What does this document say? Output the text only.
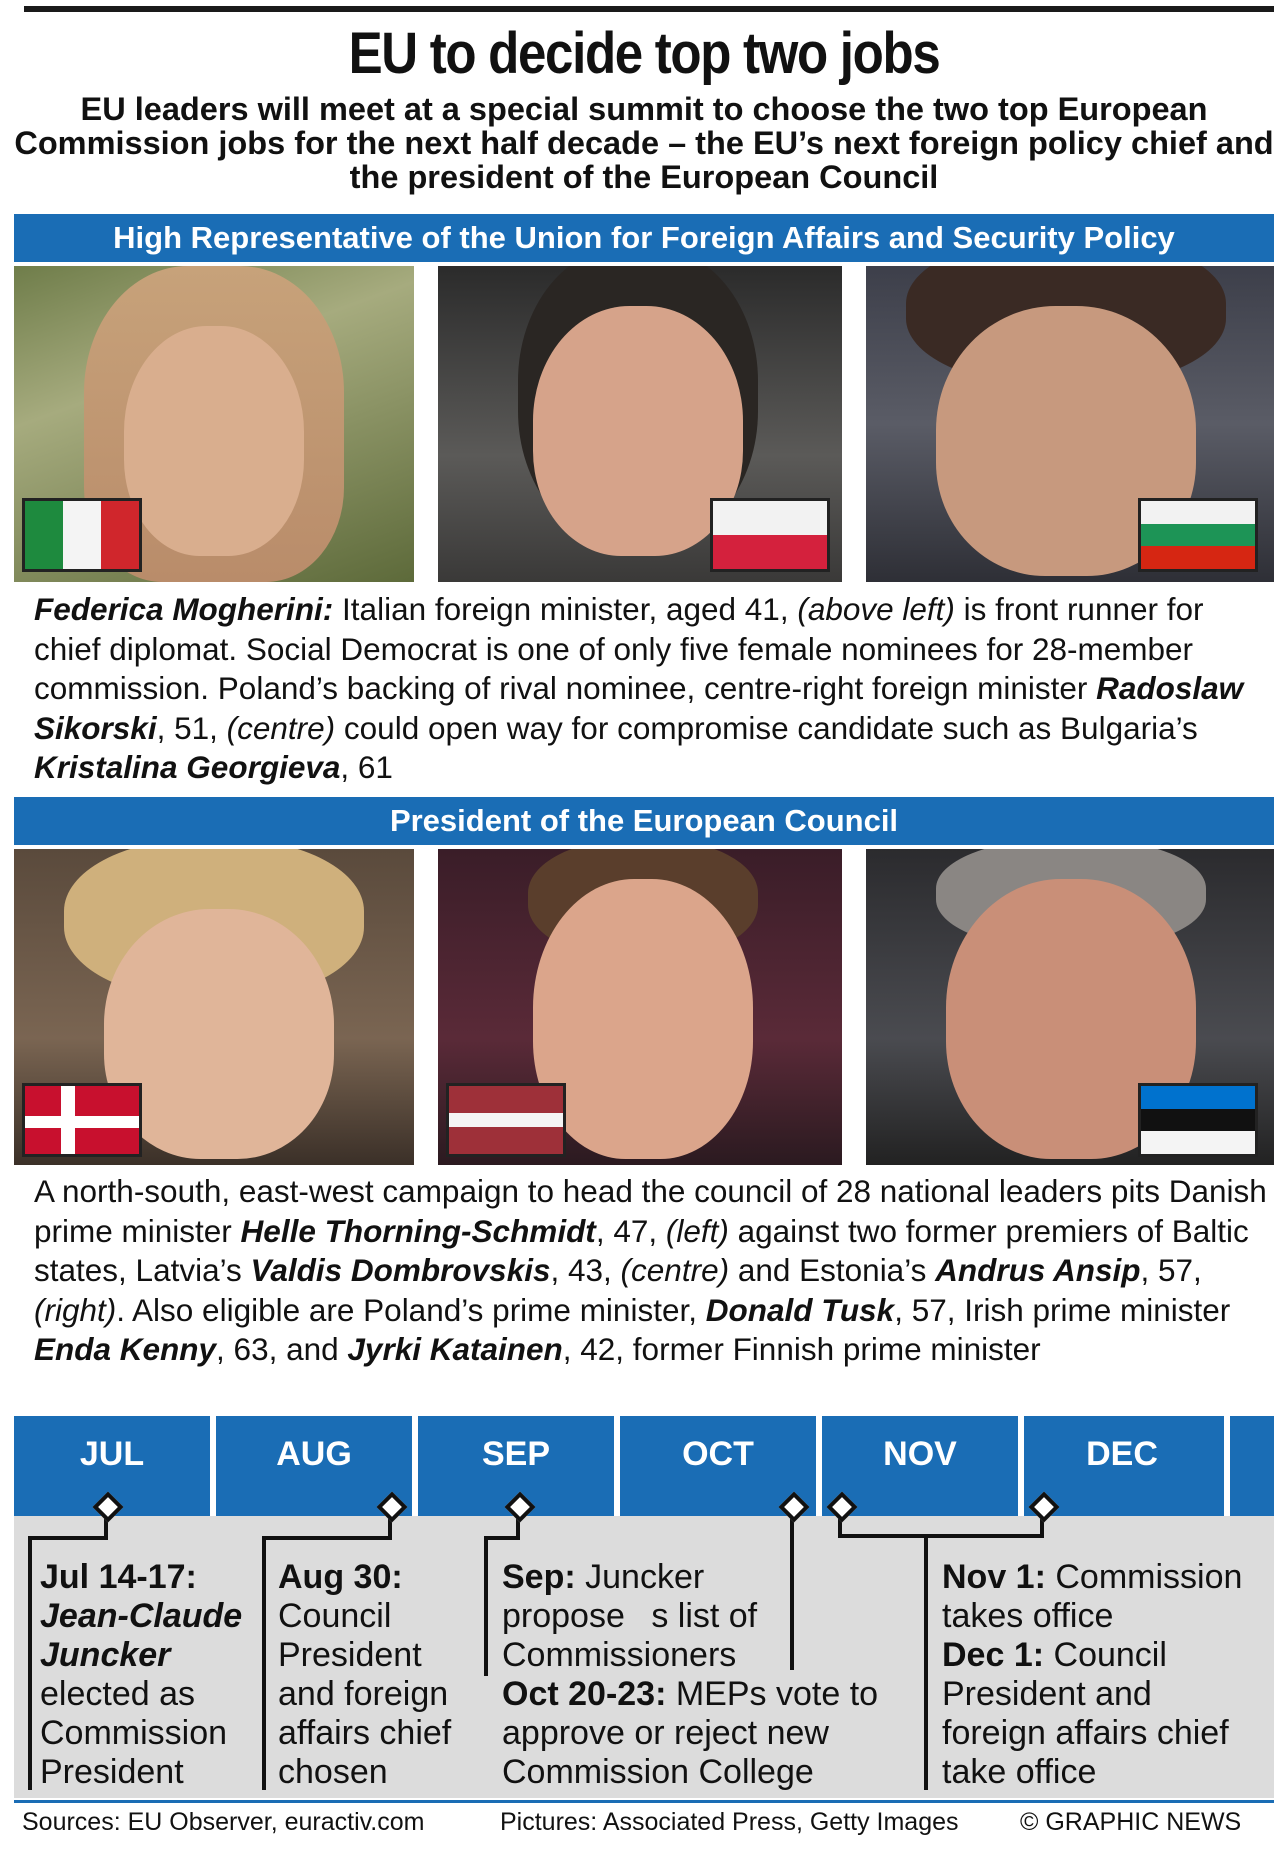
EU to decide top two jobs
EU leaders will meet at a special summit to choose the two top European Commission jobs for the next half decade – the EU’s next foreign policy chief and the president of the European Council
High Representative of the Union for Foreign Affairs and Security Policy
Federica Mogherini: Italian foreign minister, aged 41, (above left) is front runner for chief diplomat. Social Democrat is one of only five female nominees for 28-member commission. Poland’s backing of rival nominee, centre-right foreign minister Radoslaw Sikorski, 51, (centre) could open way for compromise candidate such as Bulgaria’s Kristalina Georgieva, 61
President of the European Council
A north-south, east-west campaign to head the council of 28 national leaders pits Danish prime minister Helle Thorning-Schmidt, 47, (left) against two former premiers of Baltic states, Latvia’s Valdis Dombrovskis, 43, (centre) and Estonia’s Andrus Ansip, 57, (right). Also eligible are Poland’s prime minister, Donald Tusk, 57, Irish prime minister Enda Kenny, 63, and Jyrki Katainen, 42, former Finnish prime minister
JUL	AUG	SEP	OCT	NOV	DEC
Jul 14-17:
Jean-Claude Juncker
elected as Commission President
Aug 30:
Council President and foreign affairs chief chosen
Sep: Juncker propose  s list of Commissioners
Oct 20-23: MEPs vote to approve or reject new Commission College
Nov 1: Commission takes office
Dec 1: Council President and foreign affairs chief take office
Sources: EU Observer, euractiv.com	Pictures: Associated Press, Getty Images © GRAPHIC NEWS
